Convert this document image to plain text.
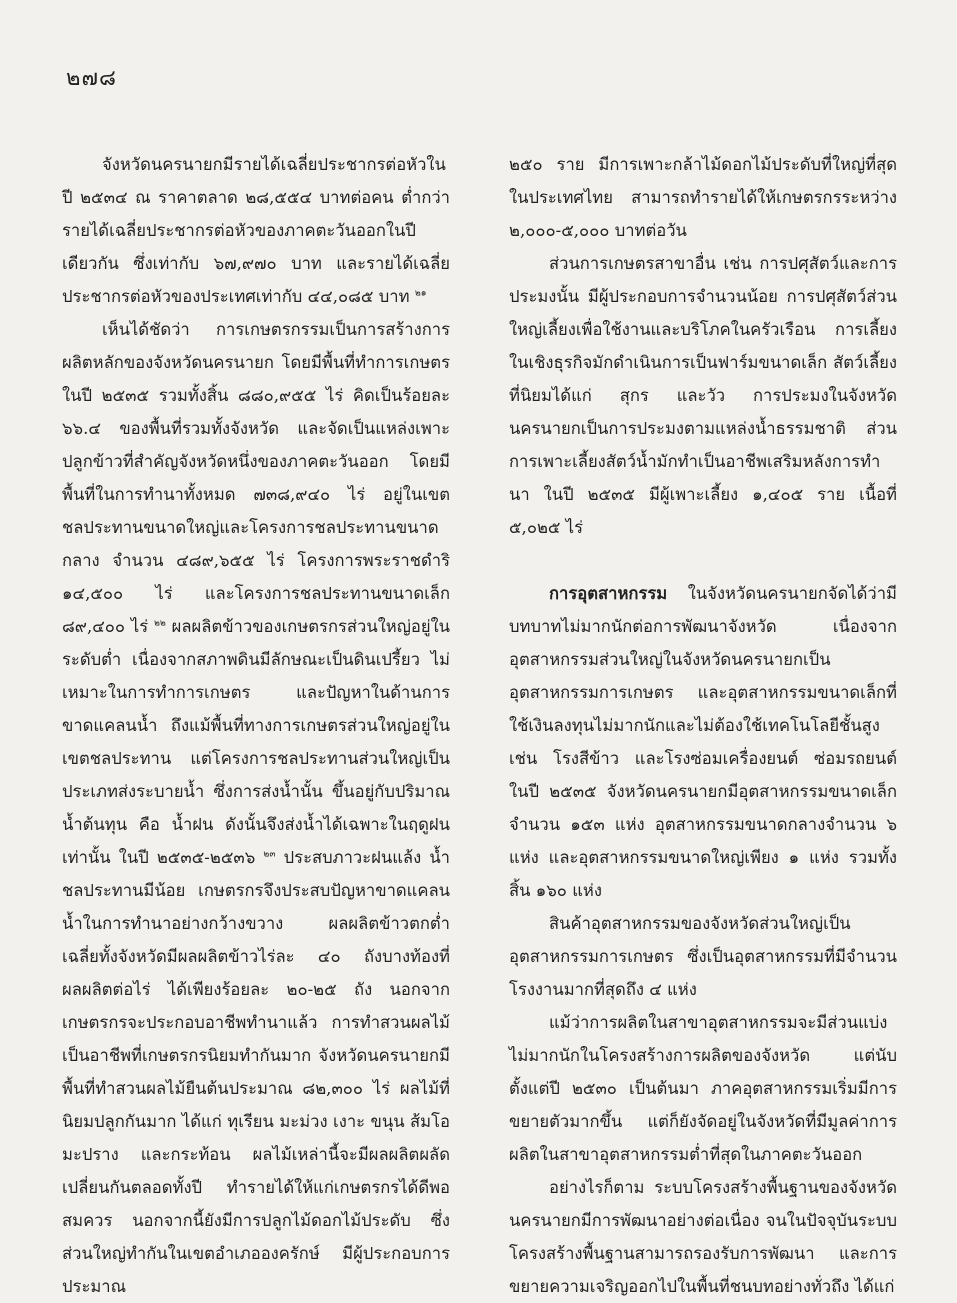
๒๗๘

จังหวัดนครนายกมีรายได้เฉลี่ยประชากรต่อหัวในปี ๒๕๓๔ ณ ราคาตลาด ๒๘,๕๕๔ บาทต่อคน ต่ำกว่ารายได้เฉลี่ยประชากรต่อหัวของภาคตะวันออกในปีเดียวกัน ซึ่งเท่ากับ ๖๗,๙๗๐ บาท และรายได้เฉลี่ยประชากรต่อหัวของประเทศเท่ากับ ๔๔,๐๘๕ บาท $^{๒๑}$

เห็นได้ชัดว่า การเกษตรกรรมเป็นการสร้างการผลิตหลักของจังหวัดนครนายก โดยมีพื้นที่ทำการเกษตรในปี ๒๕๓๕ รวมทั้งสิ้น ๘๘๐,๙๕๕ ไร่ คิดเป็นร้อยละ ๖๖.๔ ของพื้นที่รวมทั้งจังหวัด และจัดเป็นแหล่งเพาะปลูกข้าวที่สำคัญจังหวัดหนึ่งของภาคตะวันออก โดยมีพื้นที่ในการทำนาทั้งหมด ๗๓๘,๙๔๐ ไร่ อยู่ในเขตชลประทานขนาดใหญ่และโครงการชลประทานขนาดกลาง จำนวน ๔๘๙,๖๕๕ ไร่ โครงการพระราชดำริ ๑๔,๕๐๐ ไร่ และโครงการชลประทานขนาดเล็ก ๘๙,๔๐๐ ไร่ $^{๒๒}$ ผลผลิตข้าวของเกษตรกรส่วนใหญ่อยู่ในระดับต่ำ เนื่องจากสภาพดินมีลักษณะเป็นดินเปรี้ยว ไม่เหมาะในการทำการเกษตร และปัญหาในด้านการขาดแคลนน้ำ ถึงแม้พื้นที่ทางการเกษตรส่วนใหญ่อยู่ในเขตชลประทาน แต่โครงการชลประทานส่วนใหญ่เป็นประเภทส่งระบายน้ำ ซึ่งการส่งน้ำนั้น ขึ้นอยู่กับปริมาณน้ำต้นทุน คือ น้ำฝน ดังนั้นจึงส่งน้ำได้เฉพาะในฤดูฝนเท่านั้น ในปี ๒๕๓๕-๒๕๓๖ $^{๒๓}$ ประสบภาวะฝนแล้ง น้ำชลประทานมีน้อย เกษตรกรจึงประสบปัญหาขาดแคลนน้ำในการทำนาอย่างกว้างขวาง ผลผลิตข้าวตกต่ำ เฉลี่ยทั้งจังหวัดมีผลผลิตข้าวไร่ละ ๔๐ ถังบางท้องที่ผลผลิตต่อไร่ ได้เพียงร้อยละ ๒๐-๒๕ ถัง นอกจากเกษตรกรจะประกอบอาชีพทำนาแล้ว การทำสวนผลไม้เป็นอาชีพที่เกษตรกรนิยมทำกันมาก จังหวัดนครนายกมีพื้นที่ทำสวนผลไม้ยืนต้นประมาณ ๘๒,๓๐๐ ไร่ ผลไม้ที่นิยมปลูกกันมาก ได้แก่ ทุเรียน มะม่วง เงาะ ขนุน ส้มโอ มะปราง และกระท้อน ผลไม้เหล่านี้จะมีผลผลิตผลัดเปลี่ยนกันตลอดทั้งปี ทำรายได้ให้แก่เกษตรกรได้ดีพอสมควร นอกจากนี้ยังมีการปลูกไม้ดอกไม้ประดับ ซึ่งส่วนใหญ่ทำกันในเขตอำเภอองครักษ์ มีผู้ประกอบการประมาณ

๒๕๐ ราย มีการเพาะกล้าไม้ดอกไม้ประดับที่ใหญ่ที่สุดในประเทศไทย สามารถทำรายได้ให้เกษตรกรระหว่าง ๒,๐๐๐-๕,๐๐๐ บาทต่อวัน

ส่วนการเกษตรสาขาอื่น เช่น การปศุสัตว์และการประมงนั้น มีผู้ประกอบการจำนวนน้อย การปศุสัตว์ส่วนใหญ่เลี้ยงเพื่อใช้งานและบริโภคในครัวเรือน การเลี้ยงในเชิงธุรกิจมักดำเนินการเป็นฟาร์มขนาดเล็ก สัตว์เลี้ยงที่นิยมได้แก่ สุกร และวัว การประมงในจังหวัดนครนายกเป็นการประมงตามแหล่งน้ำธรรมชาติ ส่วนการเพาะเลี้ยงสัตว์น้ำมักทำเป็นอาชีพเสริมหลังการทำนา ในปี ๒๕๓๕ มีผู้เพาะเลี้ยง ๑,๔๐๕ ราย เนื้อที่ ๕,๐๒๕ ไร่

การอุตสาหกรรม ในจังหวัดนครนายกจัดได้ว่ามีบทบาทไม่มากนักต่อการพัฒนาจังหวัด เนื่องจากอุตสาหกรรมส่วนใหญ่ในจังหวัดนครนายกเป็นอุตสาหกรรมการเกษตร และอุตสาหกรรมขนาดเล็กที่ใช้เงินลงทุนไม่มากนักและไม่ต้องใช้เทคโนโลยีชั้นสูง เช่น โรงสีข้าว และโรงซ่อมเครื่องยนต์ ซ่อมรถยนต์ ในปี ๒๕๓๕ จังหวัดนครนายกมีอุตสาหกรรมขนาดเล็กจำนวน ๑๕๓ แห่ง อุตสาหกรรมขนาดกลางจำนวน ๖ แห่ง และอุตสาหกรรมขนาดใหญ่เพียง ๑ แห่ง รวมทั้งสิ้น ๑๖๐ แห่ง

สินค้าอุตสาหกรรมของจังหวัดส่วนใหญ่เป็นอุตสาหกรรมการเกษตร ซึ่งเป็นอุตสาหกรรมที่มีจำนวนโรงงานมากที่สุดถึง ๔ แห่ง

แม้ว่าการผลิตในสาขาอุตสาหกรรมจะมีส่วนแบ่งไม่มากนักในโครงสร้างการผลิตของจังหวัด แต่นับตั้งแต่ปี ๒๕๓๐ เป็นต้นมา ภาคอุตสาหกรรมเริ่มมีการขยายตัวมากขึ้น แต่ก็ยังจัดอยู่ในจังหวัดที่มีมูลค่าการผลิตในสาขาอุตสาหกรรมต่ำที่สุดในภาคตะวันออก

อย่างไรก็ตาม ระบบโครงสร้างพื้นฐานของจังหวัดนครนายกมีการพัฒนาอย่างต่อเนื่อง จนในปัจจุบันระบบโครงสร้างพื้นฐานสามารถรองรับการพัฒนา และการขยายความเจริญออกไปในพื้นที่ชนบทอย่างทั่วถึง ได้แก่
